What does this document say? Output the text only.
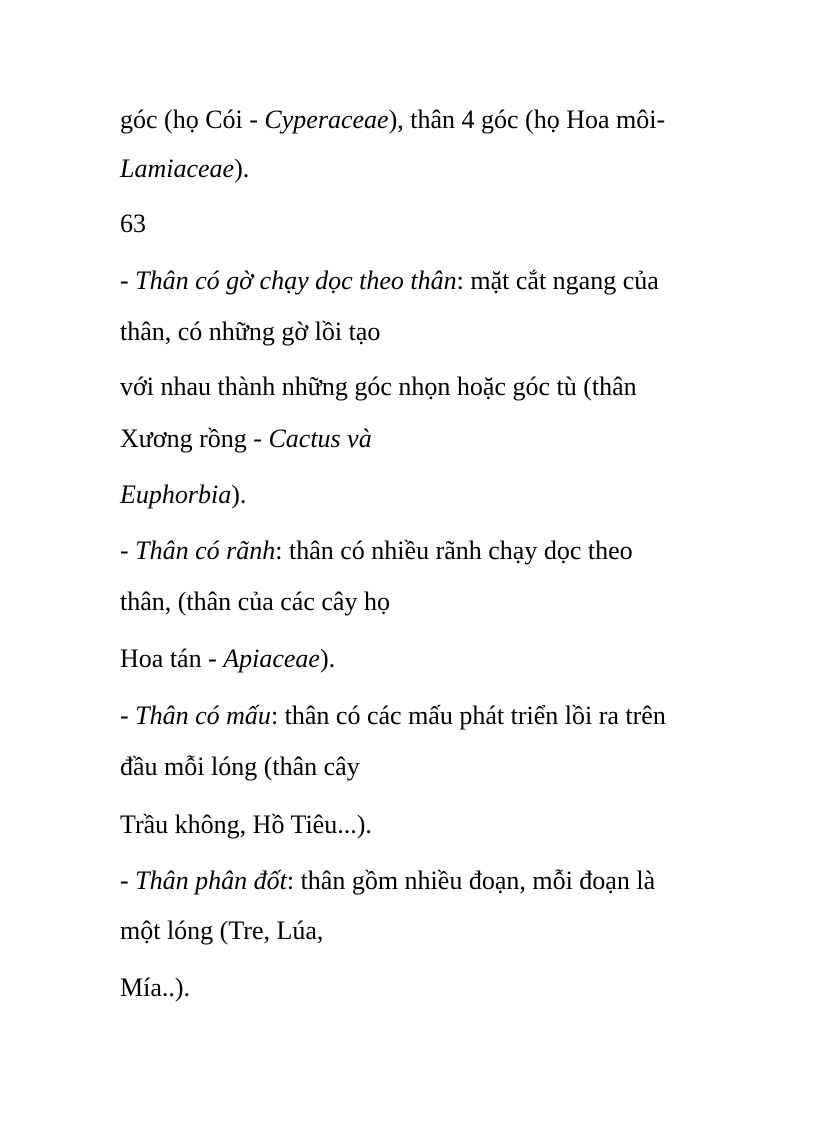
góc (họ Cói - Cyperaceae), thân 4 góc (họ Hoa môi-
Lamiaceae).
63
- Thân có gờ chạy dọc theo thân: mặt cắt ngang của
thân, có những gờ lồi tạo
với nhau thành những góc nhọn hoặc góc tù (thân
Xương rồng - Cactus và
Euphorbia).
- Thân có rãnh: thân có nhiều rãnh chạy dọc theo
thân, (thân của các cây họ
Hoa tán - Apiaceae).
- Thân có mấu: thân có các mấu phát triển lồi ra trên
đầu mỗi lóng (thân cây
Trầu không, Hồ Tiêu...).
- Thân phân đốt: thân gồm nhiều đoạn, mỗi đoạn là
một lóng (Tre, Lúa,
Mía..).
